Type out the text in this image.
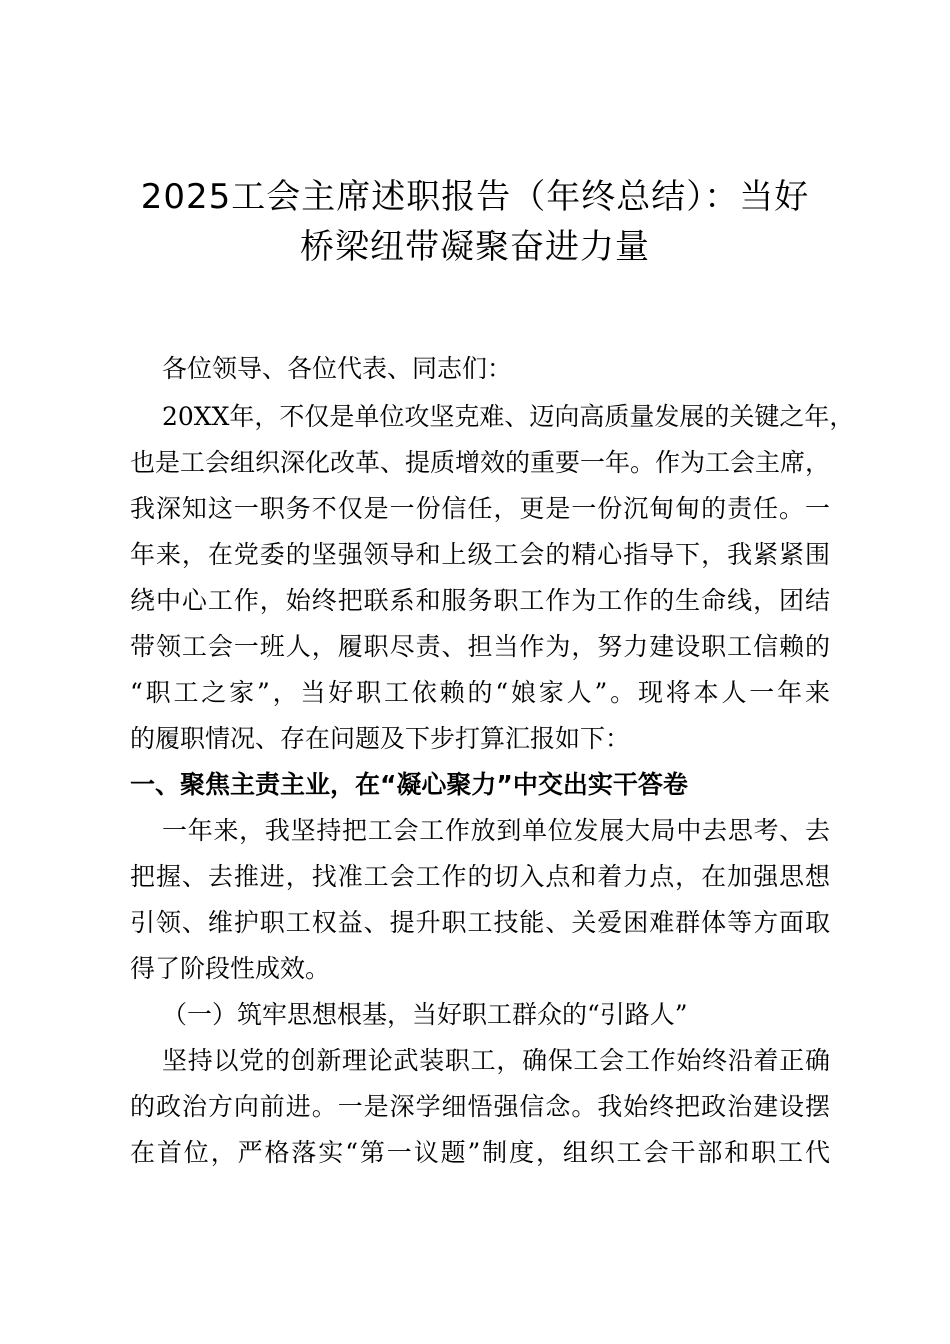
2025工会主席述职报告（年终总结）：当好
桥梁纽带凝聚奋进力量
各位领导、各位代表、同志们：
20XX年，不仅是单位攻坚克难、迈向高质量发展的关键之年，
也是工会组织深化改革、提质增效的重要一年。作为工会主席，
我深知这一职务不仅是一份信任，更是一份沉甸甸的责任。一
年来，在党委的坚强领导和上级工会的精心指导下，我紧紧围
绕中心工作，始终把联系和服务职工作为工作的生命线，团结
带领工会一班人，履职尽责、担当作为，努力建设职工信赖的
“职工之家”，当好职工依赖的“娘家人”。现将本人一年来
的履职情况、存在问题及下步打算汇报如下：
一、聚焦主责主业，在“凝心聚力”中交出实干答卷
一年来，我坚持把工会工作放到单位发展大局中去思考、去
把握、去推进，找准工会工作的切入点和着力点，在加强思想
引领、维护职工权益、提升职工技能、关爱困难群体等方面取
得了阶段性成效。
（一）筑牢思想根基，当好职工群众的“引路人”
坚持以党的创新理论武装职工，确保工会工作始终沿着正确
的政治方向前进。一是深学细悟强信念。我始终把政治建设摆
在首位，严格落实“第一议题”制度，组织工会干部和职工代
